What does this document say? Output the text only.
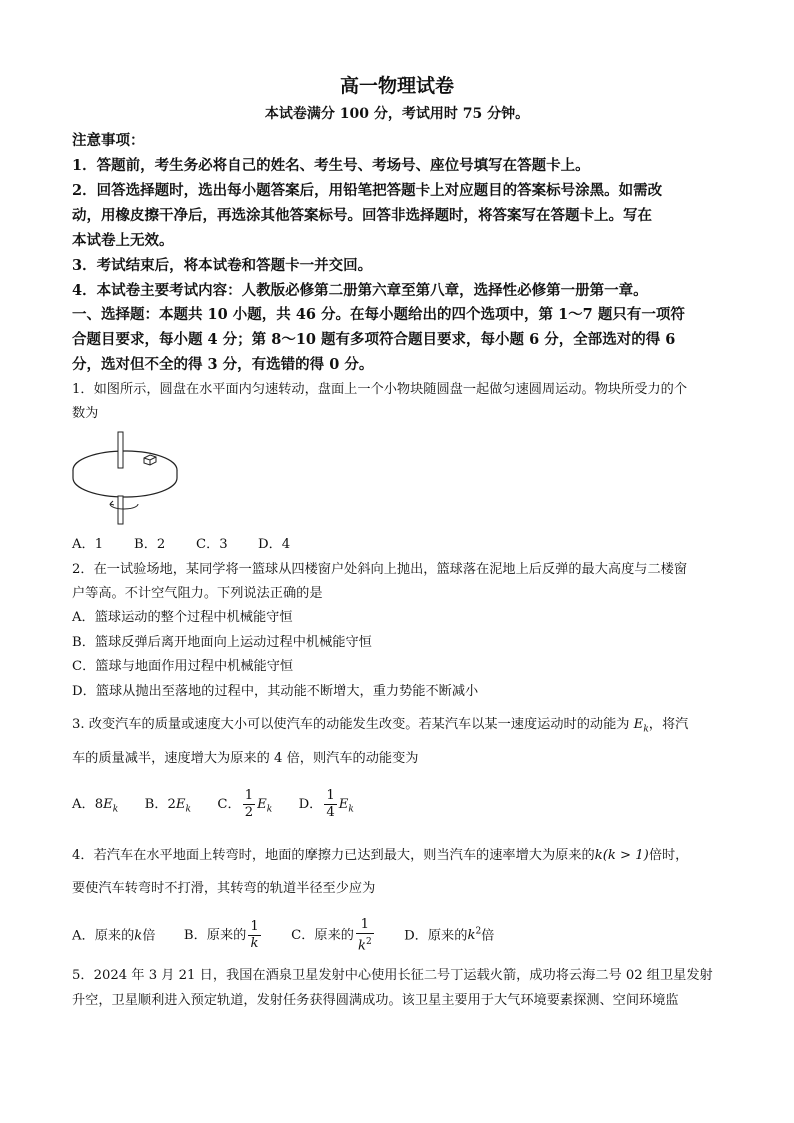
高一物理试卷
本试卷满分 100 分，考试用时 75 分钟。
注意事项：
1．答题前，考生务必将自己的姓名、考生号、考场号、座位号填写在答题卡上。
2．回答选择题时，选出每小题答案后，用铅笔把答题卡上对应题目的答案标号涂黑。如需改
动，用橡皮擦干净后，再选涂其他答案标号。回答非选择题时，将答案写在答题卡上。写在
本试卷上无效。
3．考试结束后，将本试卷和答题卡一并交回。
4．本试卷主要考试内容：人教版必修第二册第六章至第八章，选择性必修第一册第一章。
一、选择题：本题共 10 小题，共 46 分。在每小题给出的四个选项中，第 1～7 题只有一项符
合题目要求，每小题 4 分；第 8～10 题有多项符合题目要求，每小题 6 分，全部选对的得 6
分，选对但不全的得 3 分，有选错的得 0 分。
1．如图所示，圆盘在水平面内匀速转动，盘面上一个小物块随圆盘一起做匀速圆周运动。物块所受力的个
数为
A．1 B．2 C．3 D．4
2．在一试验场地，某同学将一篮球从四楼窗户处斜向上抛出，篮球落在泥地上后反弹的最大高度与二楼窗
户等高。不计空气阻力。下列说法正确的是
A．篮球运动的整个过程中机械能守恒
B．篮球反弹后离开地面向上运动过程中机械能守恒
C．篮球与地面作用过程中机械能守恒
D．篮球从抛出至落地的过程中，其动能不断增大，重力势能不断减小
3. 改变汽车的质量或速度大小可以使汽车的动能发生改变。若某汽车以某一速度运动时的动能为 $E_k$，将汽
车的质量减半，速度增大为原来的 4 倍，则汽车的动能变为
A．$8E_k$ B．$2E_k$ C． $\frac{1}{2} E_k$ D． $\frac{1}{4} E_k$
4．若汽车在水平地面上转弯时，地面的摩擦力已达到最大，则当汽车的速率增大为原来的k(k > 1)倍时，
要使汽车转弯时不打滑，其转弯的轨道半径至少应为
A．原来的k倍 B．原来的 $\frac{1}{k}$ C．原来的 $\frac{1}{k^2}$ D．原来的$k^2$倍
5．2024 年 3 月 21 日，我国在酒泉卫星发射中心使用长征二号丁运载火箭，成功将云海二号 02 组卫星发射
升空，卫星顺利进入预定轨道，发射任务获得圆满成功。该卫星主要用于大气环境要素探测、空间环境监
